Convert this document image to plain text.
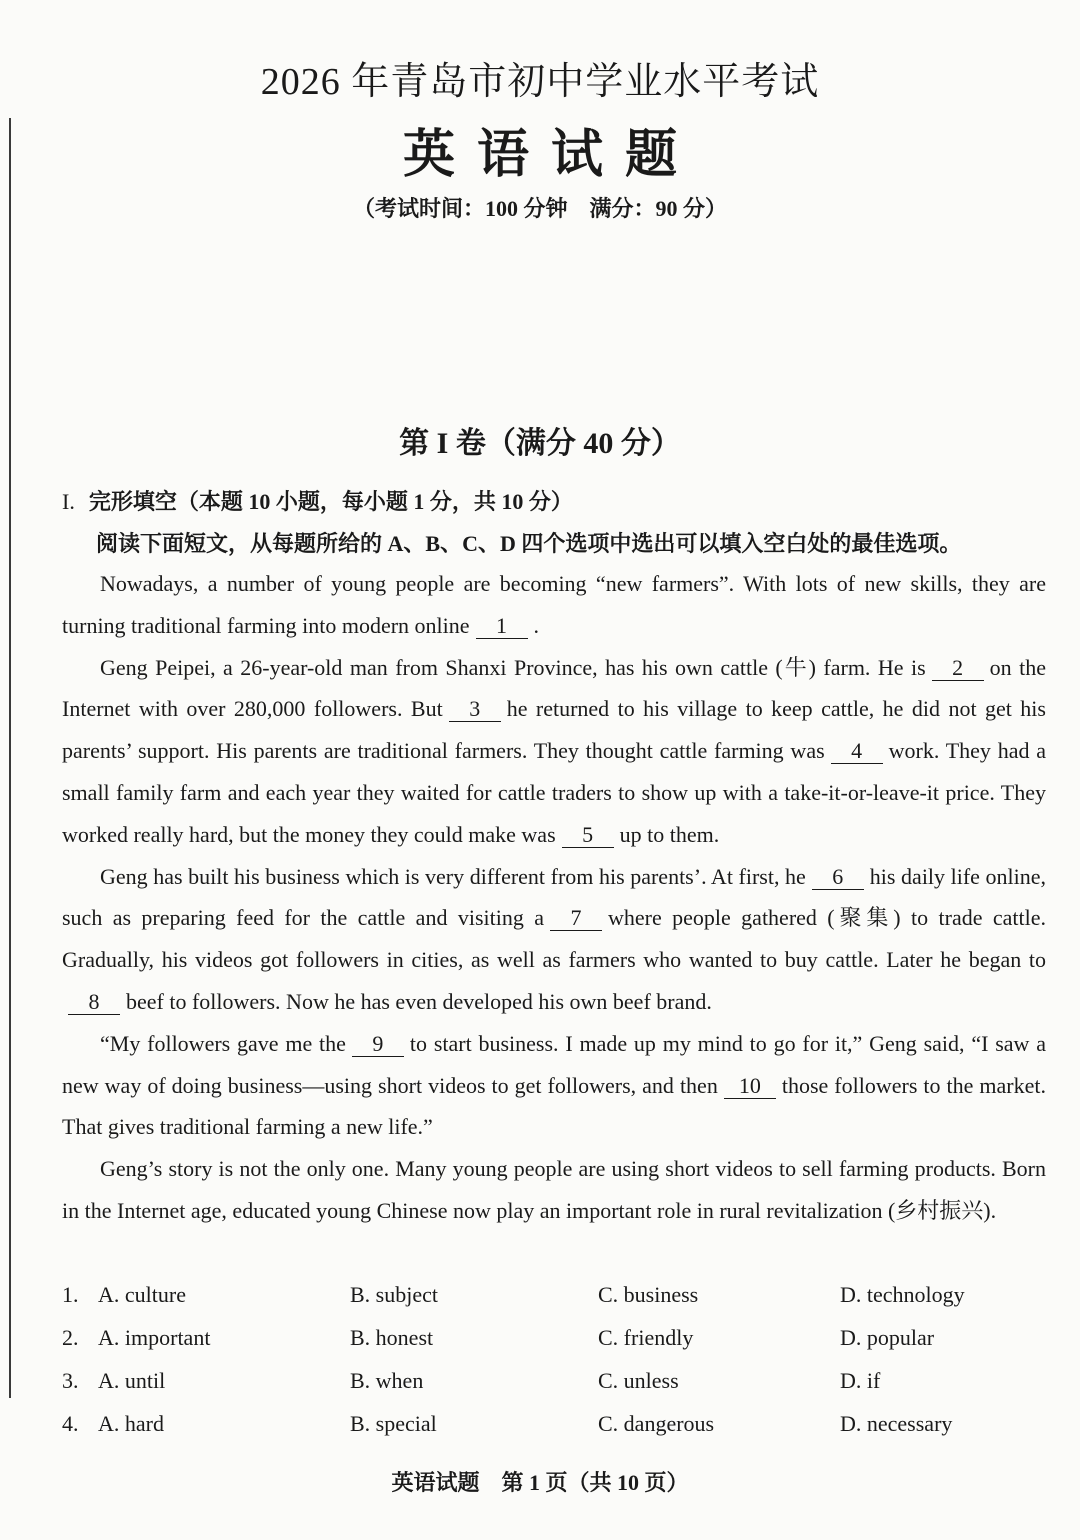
2026 年青岛市初中学业水平考试
英语试题
（考试时间：100 分钟　满分：90 分）
第 I 卷（满分 40 分）
I. 完形填空（本题 10 小题，每小题 1 分，共 10 分）
阅读下面短文，从每题所给的 A、B、C、D 四个选项中选出可以填入空白处的最佳选项。

Nowadays, a number of young people are becoming “new farmers”. With lots of new skills, they are turning traditional farming into modern online 1 .

Geng Peipei, a 26-year-old man from Shanxi Province, has his own cattle (牛) farm. He is 2 on the Internet with over 280,000 followers. But 3 he returned to his village to keep cattle, he did not get his parents’ support. His parents are traditional farmers. They thought cattle farming was 4 work. They had a small family farm and each year they waited for cattle traders to show up with a take-it-or-leave-it price. They worked really hard, but the money they could make was 5 up to them.

Geng has built his business which is very different from his parents’. At first, he 6 his daily life online, such as preparing feed for the cattle and visiting a 7 where people gathered (聚集) to trade cattle. Gradually, his videos got followers in cities, as well as farmers who wanted to buy cattle. Later he began to8 beef to followers. Now he has even developed his own beef brand.

“My followers gave me the 9 to start business. I made up my mind to go for it,” Geng said, “I saw a new way of doing business—using short videos to get followers, and then 10 those followers to the market. That gives traditional farming a new life.”

Geng’s story is not the only one. Many young people are using short videos to sell farming products. Born in the Internet age, educated young Chinese now play an important role in rural revitalization (乡村振兴).

1. A. culture	B. subject	C. business	D. technology
2. A. important	B. honest	C. friendly	D. popular
3. A. until	B. when	C. unless	D. if
4. A. hard	B. special	C. dangerous	D. necessary
英语试题　第 1 页（共 10 页）
